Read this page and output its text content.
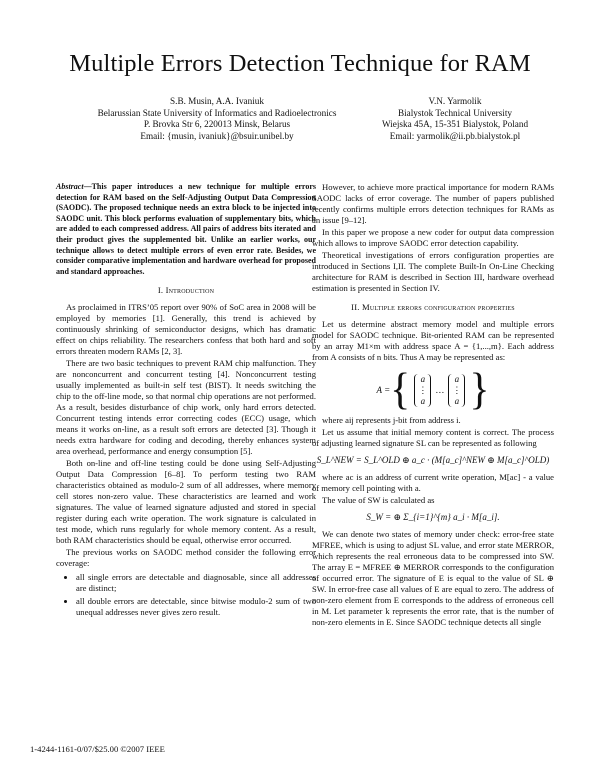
Multiple Errors Detection Technique for RAM
S.B. Musin, A.A. Ivaniuk
Belarussian State University of Informatics and Radioelectronics
P. Brovka Str 6, 220013 Minsk, Belarus
Email: {musin, ivaniuk}@bsuir.unibel.by
V.N. Yarmolik
Bialystok Technical University
Wiejska 45A, 15-351 Bialystok, Poland
Email: yarmolik@ii.pb.bialystok.pl
Abstract—This paper introduces a new technique for multiple errors detection for RAM based on the Self-Adjusting Output Data Compression (SAODC). The proposed technique needs an extra block to be injected into SAODC unit. This block performs evaluation of supplementary bits, which are added to each compressed address. All pairs of address bits iterated and their product gives the supplemented bit. Unlike an earlier works, our technique allows to detect multiple errors of even error rate. Besides, we consider comparative implementation and hardware overhead for proposed and standard approaches.
I. Introduction

As proclaimed in ITRS’05 report over 90% of SoC area in 2008 will be employed by memories [1]. Generally, this trend is achieved by continuously shrinking of semiconductor designs, which has dramatic effect on chips reliability. The researchers confess that both hard and soft errors threaten modern RAMs [2, 3].

There are two basic techniques to prevent RAM chip malfunction. They are nonconcurrent and concurrent testing [4]. Nonconcurrent testing usually implemented as built-in self test (BIST). It needs switching the chip to the off-line mode, so that normal chip operations are not performed. As a result, besides disturbance of chip work, only hard errors detected. Concurrent testing intends error correcting codes (ECC) usage, which means it works on-line, as a result soft errors are detected [3]. Though it needs extra hardware for coding and decoding, thereby enhances system area overhead, performance and energy consumption [5].

Both on-line and off-line testing could be done using Self-Adjusting Output Data Compression [6–8]. To perform testing two RAM characteristics obtained as modulo-2 sum of all addresses, where memory cell stores non-zero value. These characteristics are learned and work signatures. The value of learned signature adjusted and stored in special register during each write operation. The work signature is calculated in test mode, which runs regularly for whole memory content. As a result, both RAM characteristics should be equal, otherwise error occurred.

The previous works on SAODC method consider the following error coverage:

• all single errors are detectable and diagnosable, since all addresses are distinct;
• all double errors are detectable, since bitwise modulo-2 sum of two unequal addresses never gives zero result.

However, to achieve more practical importance for modern RAMs SAODC lacks of error coverage. The number of papers published recently confirms multiple errors detection techniques for RAMs as an issue [9–12].

In this paper we propose a new coder for output data compression which allows to improve SAODC error detection capability.

Theoretical investigations of errors configuration properties are introduced in Sections I,II. The complete Built-In On-Line Checking architecture for RAM is described in Section III, hardware overhead estimation is presented in Section IV.

II. Multiple errors configuration properties

Let us determine abstract memory model and multiple errors model for SAODC technique. Bit-oriented RAM can be represented by an array M1×m with address space A = {1,...,m}. Each address from A consists of n bits. Thus A may be represented as:

A = { a
⋮
a
…
a
⋮
a }

where aij represents j-bit from address i.

Let us assume that initial memory content is correct. The process of adjusting learned signature SL can be represented as following

S_L^NEW = S_L^OLD ⊕ a_c · (M[a_c]^NEW ⊕ M[a_c]^OLD)

where ac is an address of current write operation, M[ac] - a value of memory cell pointing with a.

The value of SW is calculated as

S_W = ⊕ Σ_{i=1}^{m} a_i · M[a_i].

We can denote two states of memory under check: error-free state MFREE, which is using to adjust SL value, and error state MERROR, which represents the real erroneous data to be compressed into SW. The array E = MFREE ⊕ MERROR corresponds to the configuration of occurred error. The signature of E is equal to the value of SL ⊕ SW. In error-free case all values of E are equal to zero. The address of non-zero element from E corresponds to the address of erroneous cell in M. Let parameter k represents the error rate, that is the number of non-zero elements in E. Since SAODC technique detects all single

1-4244-1161-0/07/$25.00 ©2007 IEEE
